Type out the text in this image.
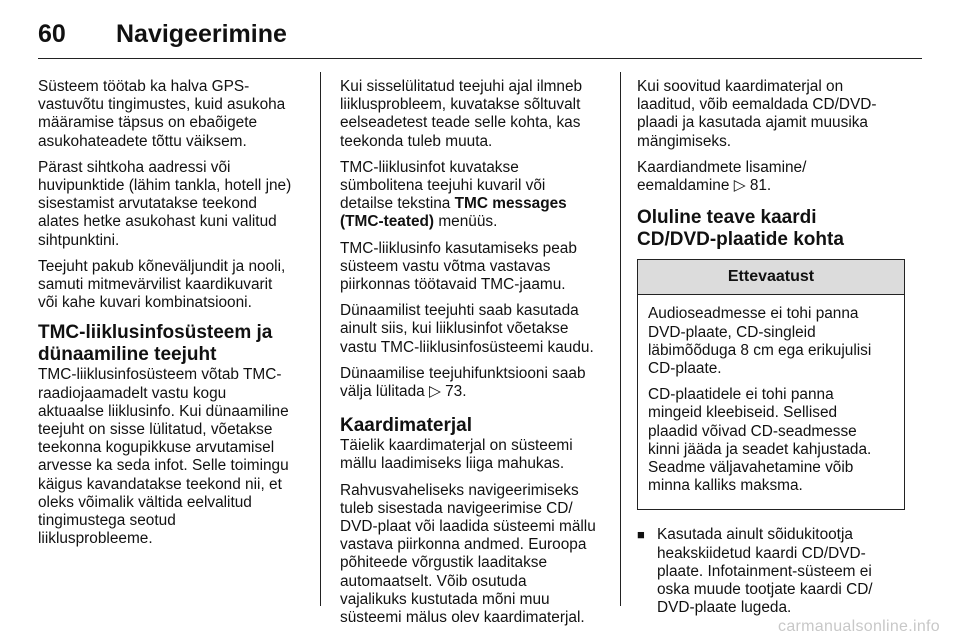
60	Navigeerimine

Süsteem töötab ka halva GPS-
vastuvõtu tingimustes, kuid asukoha
määramise täpsus on ebaõigete
asukohateadete tõttu väiksem.

Pärast sihtkoha aadressi või
huvipunktide (lähim tankla, hotell jne)
sisestamist arvutatakse teekond
alates hetke asukohast kuni valitud
sihtpunktini.

Teejuht pakub kõneväljundit ja nooli,
samuti mitmevärvilist kaardikuvarit
või kahe kuvari kombinatsiooni.

TMC-liiklusinfosüsteem ja
dünaamiline teejuht

TMC-liiklusinfosüsteem võtab TMC-
raadiojaamadelt vastu kogu
aktuaalse liiklusinfo. Kui dünaamiline
teejuht on sisse lülitatud, võetakse
teekonna kogupikkuse arvutamisel
arvesse ka seda infot. Selle toimingu
käigus kavandatakse teekond nii, et
oleks võimalik vältida eelvalitud
tingimustega seotud
liiklusprobleeme.

Kui sisselülitatud teejuhi ajal ilmneb
liiklusprobleem, kuvatakse sõltuvalt
eelseadetest teade selle kohta, kas
teekonda tuleb muuta.

TMC-liiklusinfot kuvatakse
sümbolitena teejuhi kuvaril või
detailse tekstina TMC messages
(TMC-teated) menüüs.

TMC-liiklusinfo kasutamiseks peab
süsteem vastu võtma vastavas
piirkonnas töötavaid TMC-jaamu.

Dünaamilist teejuhti saab kasutada
ainult siis, kui liiklusinfot võetakse
vastu TMC-liiklusinfosüsteemi kaudu.

Dünaamilise teejuhifunktsiooni saab
välja lülitada ▷ 73.

Kaardimaterjal

Täielik kaardimaterjal on süsteemi
mällu laadimiseks liiga mahukas.

Rahvusvaheliseks navigeerimiseks
tuleb sisestada navigeerimise CD/
DVD-plaat või laadida süsteemi mällu
vastava piirkonna andmed. Euroopa
põhiteede võrgustik laaditakse
automaatselt. Võib osutuda
vajalikuks kustutada mõni muu
süsteemi mälus olev kaardimaterjal.

Kui soovitud kaardimaterjal on
laaditud, võib eemaldada CD/DVD-
plaadi ja kasutada ajamit muusika
mängimiseks.

Kaardiandmete lisamine/
eemaldamine ▷ 81.

Oluline teave kaardi
CD/DVD-plaatide kohta
Ettevaatust

Audioseadmesse ei tohi panna
DVD-plaate, CD-singleid
läbimõõduga 8 cm ega erikujulisi
CD-plaate.

CD-plaatidele ei tohi panna
mingeid kleebiseid. Sellised
plaadid võivad CD-seadmesse
kinni jääda ja seadet kahjustada.
Seadme väljavahetamine võib
minna kalliks maksma.

■ Kasutada ainult sõidukitootja
heakskiidetud kaardi CD/DVD-
plaate. Infotainment-süsteem ei
oska muude tootjate kaardi CD/
DVD-plaate lugeda.
carmanualsonline.info
